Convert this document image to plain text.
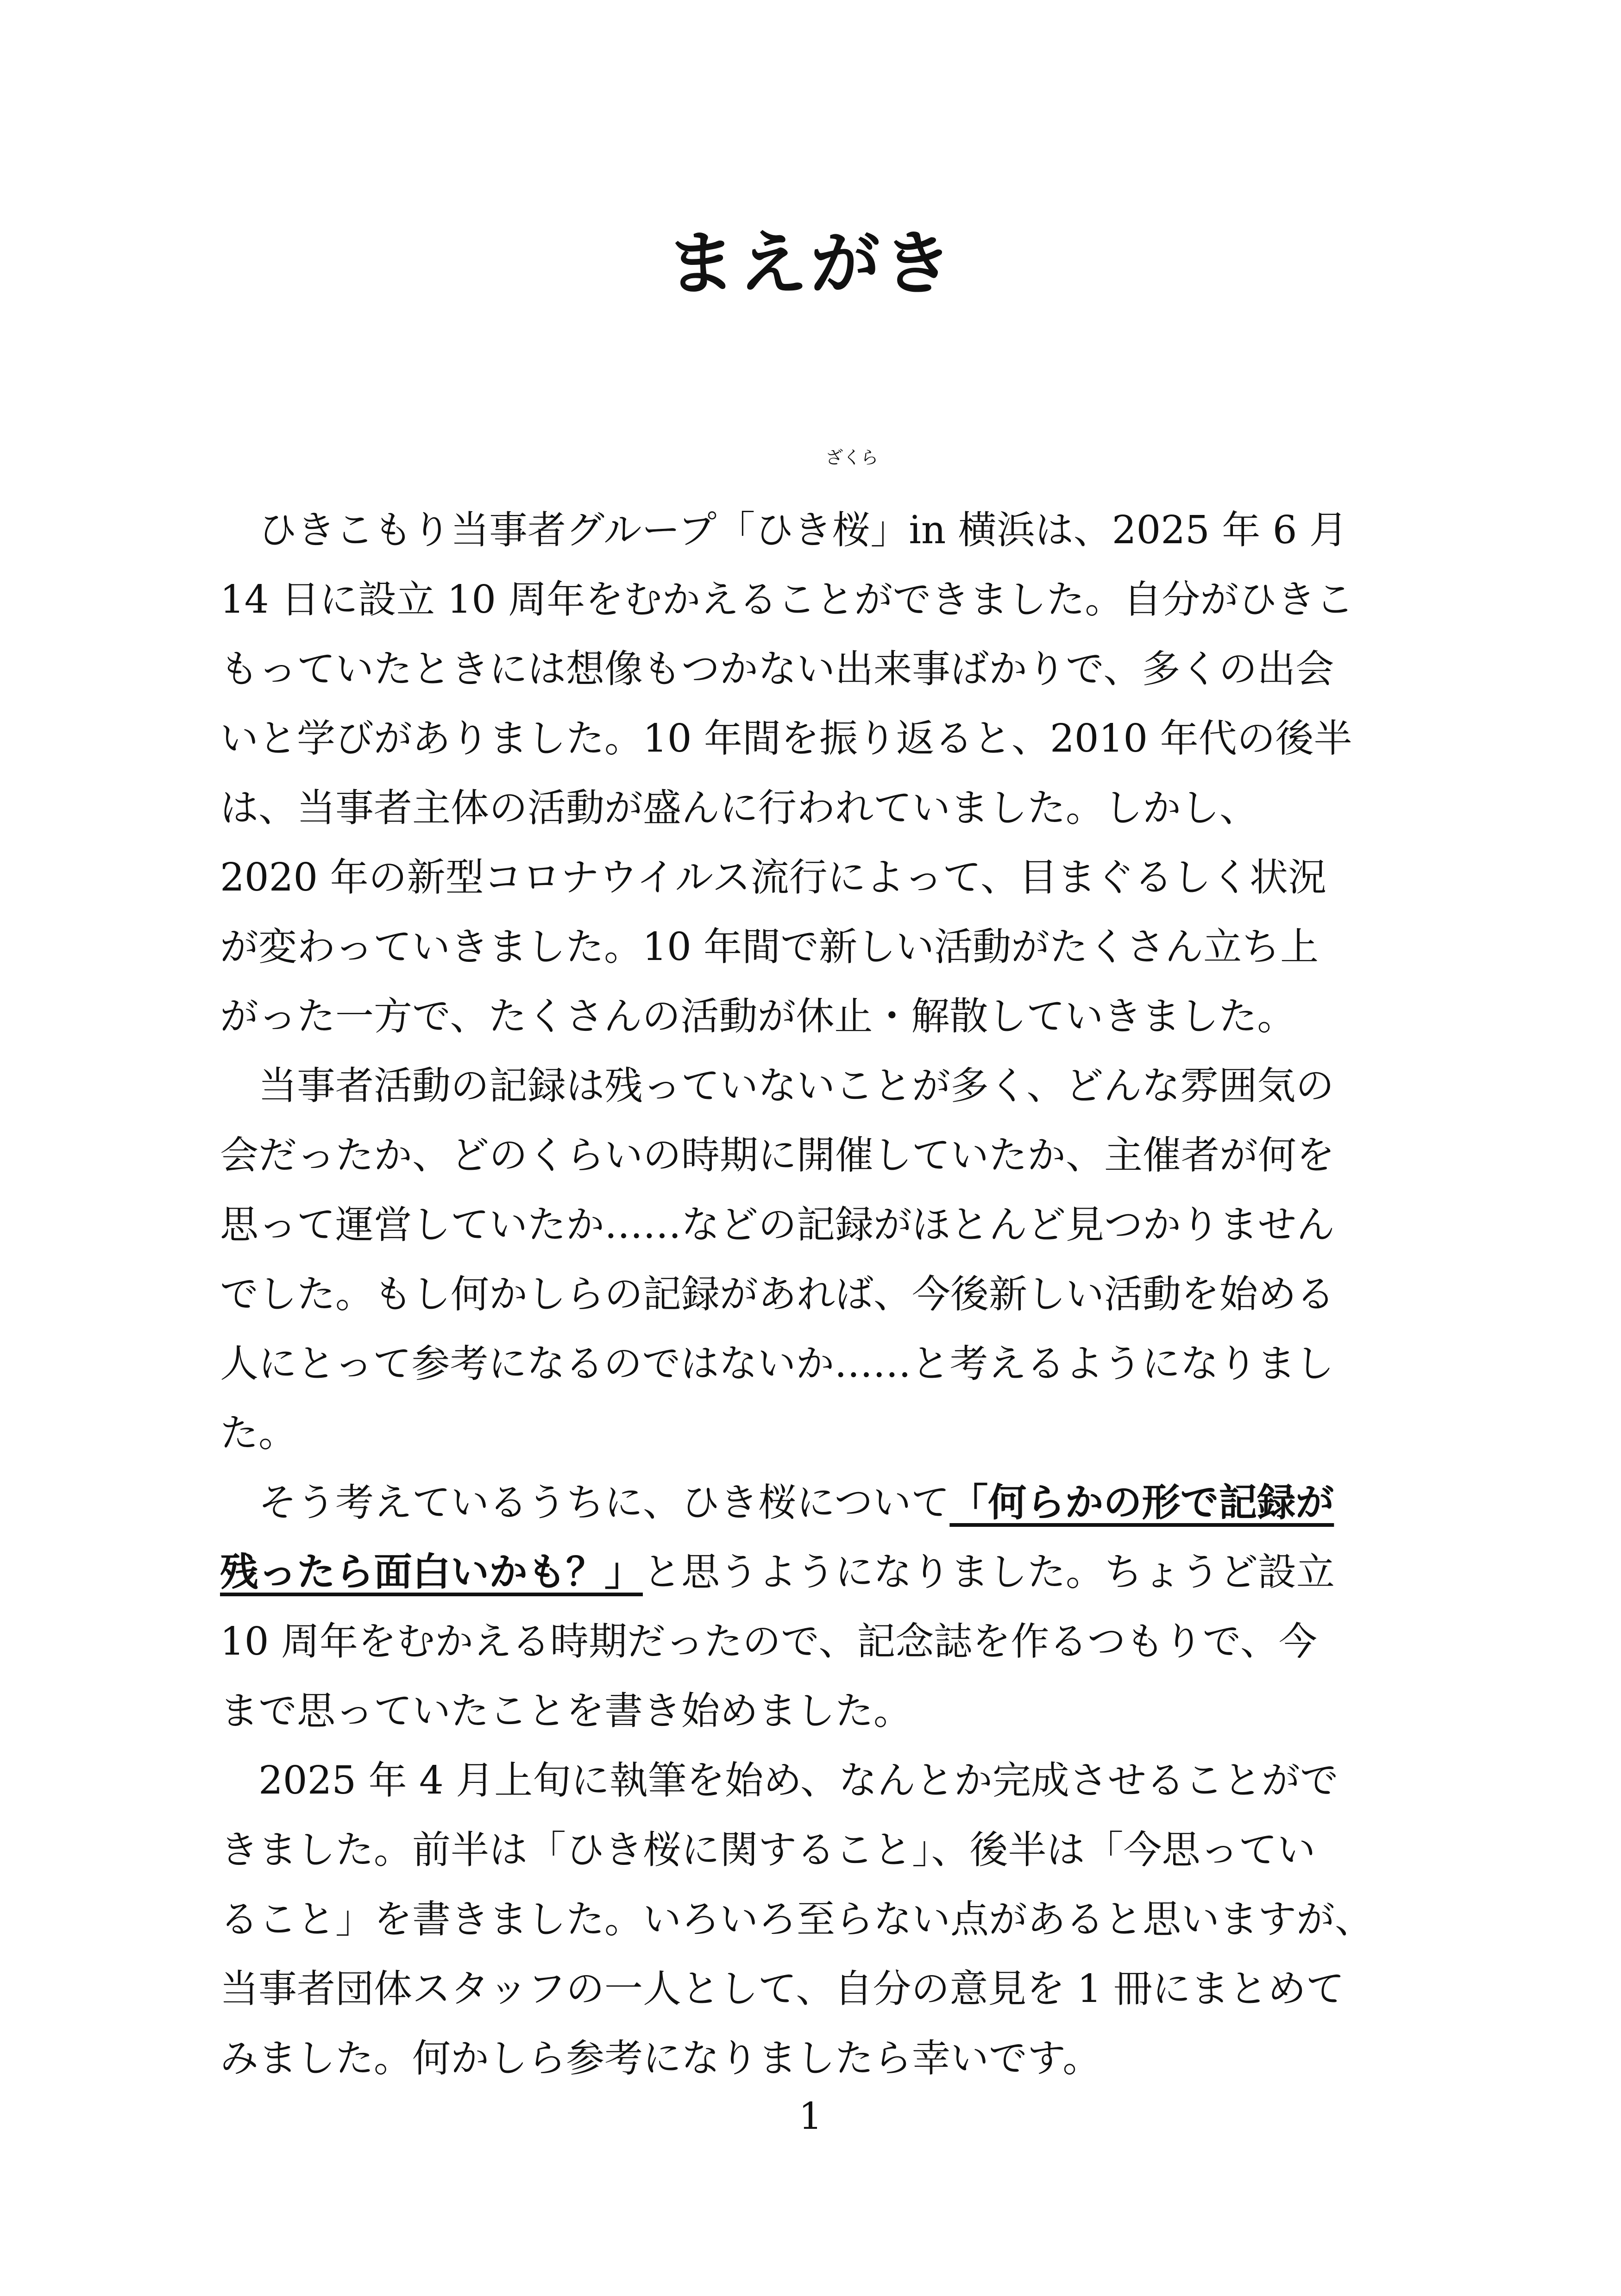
まえがき
　ひきこもり当事者グループ「ひき
ざくら
桜」in 横浜は、2025 年 6 月
14 日に設立 10 周年をむかえることができました。自分がひきこ
もっていたときには想像もつかない出来事ばかりで、多くの出会
いと学びがありました。10 年間を振り返ると、2010 年代の後半
は、当事者主体の活動が盛んに行われていました。しかし、
2020 年の新型コロナウイルス流行によって、目まぐるしく状況
が変わっていきました。10 年間で新しい活動がたくさん立ち上
がった一方で、たくさんの活動が休止・解散していきました。
　当事者活動の記録は残っていないことが多く、どんな雰囲気の
会だったか、どのくらいの時期に開催していたか、主催者が何を
思って運営していたか……などの記録がほとんど見つかりません
でした。もし何かしらの記録があれば、今後新しい活動を始める
人にとって参考になるのではないか……と考えるようになりまし
た。
　そう考えているうちに、ひき桜について「何らかの形で記録が
残ったら面白いかも？」と思うようになりました。ちょうど設立
10 周年をむかえる時期だったので、記念誌を作るつもりで、今
まで思っていたことを書き始めました。
　2025 年 4 月上旬に執筆を始め、なんとか完成させることがで
きました。前半は「ひき桜に関すること」、後半は「今思ってい
ること」を書きました。いろいろ至らない点があると思いますが、
当事者団体スタッフの一人として、自分の意見を 1 冊にまとめて
みました。何かしら参考になりましたら幸いです。
1
